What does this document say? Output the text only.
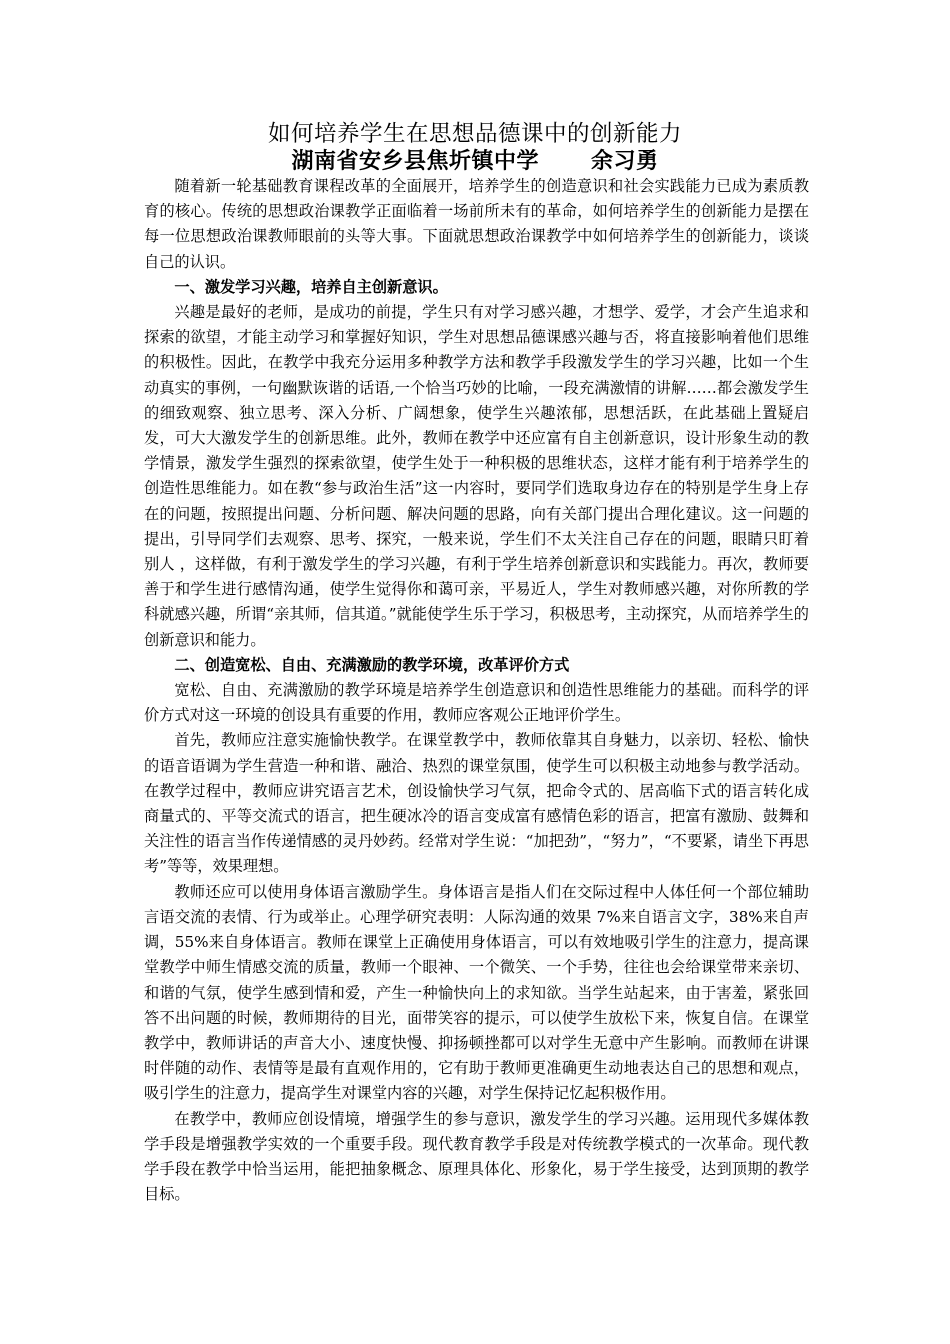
如何培养学生在思想品德课中的创新能力
湖南省安乡县焦圻镇中学 余习勇

随着新一轮基础教育课程改革的全面展开，培养学生的创造意识和社会实践能力已成为素质教育的核心。传统的思想政治课教学正面临着一场前所未有的革命，如何培养学生的创新能力是摆在每一位思想政治课教师眼前的头等大事。下面就思想政治课教学中如何培养学生的创新能力，谈谈自己的认识。

一、激发学习兴趣，培养自主创新意识。

兴趣是最好的老师，是成功的前提，学生只有对学习感兴趣，才想学、爱学，才会产生追求和探索的欲望，才能主动学习和掌握好知识，学生对思想品德课感兴趣与否，将直接影响着他们思维的积极性。因此，在教学中我充分运用多种教学方法和教学手段激发学生的学习兴趣，比如一个生动真实的事例，一句幽默诙谐的话语,一个恰当巧妙的比喻，一段充满激情的讲解……都会激发学生的细致观察、独立思考、深入分析、广阔想象，使学生兴趣浓郁，思想活跃，在此基础上置疑启发，可大大激发学生的创新思维。此外，教师在教学中还应富有自主创新意识，设计形象生动的教学情景，激发学生强烈的探索欲望，使学生处于一种积极的思维状态，这样才能有利于培养学生的创造性思维能力。如在教“参与政治生活”这一内容时，要同学们选取身边存在的特别是学生身上存在的问题，按照提出问题、分析问题、解决问题的思路，向有关部门提出合理化建议。这一问题的提出，引导同学们去观察、思考、探究，一般来说，学生们不太关注自己存在的问题，眼睛只盯着别人 ，这样做，有利于激发学生的学习兴趣，有利于学生培养创新意识和实践能力。再次，教师要善于和学生进行感情沟通，使学生觉得你和蔼可亲，平易近人，学生对教师感兴趣，对你所教的学科就感兴趣，所谓“亲其师，信其道。”就能使学生乐于学习，积极思考，主动探究，从而培养学生的创新意识和能力。

二、创造宽松、自由、充满激励的教学环境，改革评价方式

宽松、自由、充满激励的教学环境是培养学生创造意识和创造性思维能力的基础。而科学的评价方式对这一环境的创设具有重要的作用，教师应客观公正地评价学生。

首先，教师应注意实施愉快教学。在课堂教学中，教师依靠其自身魅力，以亲切、轻松、愉快的语音语调为学生营造一种和谐、融洽、热烈的课堂氛围，使学生可以积极主动地参与教学活动。在教学过程中，教师应讲究语言艺术，创设愉快学习气氛，把命令式的、居高临下式的语言转化成商量式的、平等交流式的语言，把生硬冰冷的语言变成富有感情色彩的语言，把富有激励、鼓舞和关注性的语言当作传递情感的灵丹妙药。经常对学生说：“加把劲”，“努力”，“不要紧，请坐下再思考”等等，效果理想。

教师还应可以使用身体语言激励学生。身体语言是指人们在交际过程中人体任何一个部位辅助言语交流的表情、行为或举止。心理学研究表明：人际沟通的效果 7%来自语言文字，38%来自声调，55%来自身体语言。教师在课堂上正确使用身体语言，可以有效地吸引学生的注意力，提高课堂教学中师生情感交流的质量，教师一个眼神、一个微笑、一个手势，往往也会给课堂带来亲切、和谐的气氛，使学生感到情和爱，产生一种愉快向上的求知欲。当学生站起来，由于害羞，紧张回答不出问题的时候，教师期待的目光，面带笑容的提示，可以使学生放松下来，恢复自信。在课堂教学中，教师讲话的声音大小、速度快慢、抑扬顿挫都可以对学生无意中产生影响。而教师在讲课时伴随的动作、表情等是最有直观作用的，它有助于教师更准确更生动地表达自己的思想和观点，吸引学生的注意力，提高学生对课堂内容的兴趣，对学生保持记忆起积极作用。

在教学中，教师应创设情境，增强学生的参与意识，激发学生的学习兴趣。运用现代多媒体教学手段是增强教学实效的一个重要手段。现代教育教学手段是对传统教学模式的一次革命。现代教学手段在教学中恰当运用，能把抽象概念、原理具体化、形象化，易于学生接受，达到顶期的教学目标。
